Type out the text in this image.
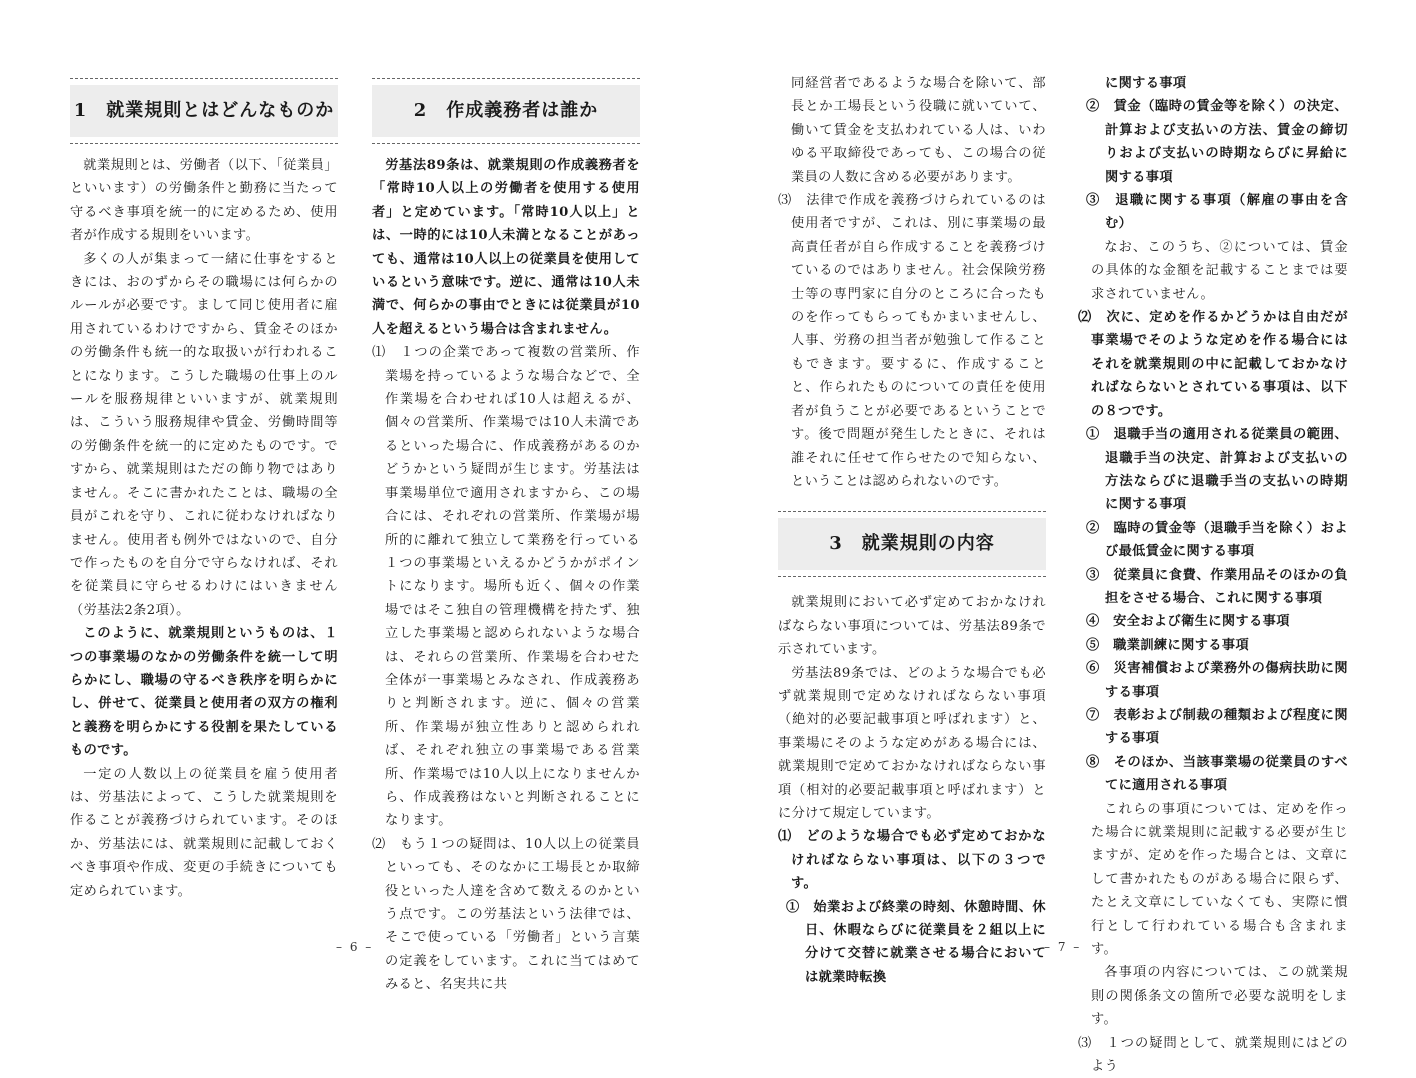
1　就業規則とはどんなものか

就業規則とは、労働者（以下、「従業員」といいます）の労働条件と勤務に当たって守るべき事項を統一的に定めるため、使用者が作成する規則をいいます。

多くの人が集まって一緒に仕事をするときには、おのずからその職場には何らかのルールが必要です。まして同じ使用者に雇用されているわけですから、賃金そのほかの労働条件も統一的な取扱いが行われることになります。こうした職場の仕事上のルールを服務規律といいますが、就業規則は、こういう服務規律や賃金、労働時間等の労働条件を統一的に定めたものです。ですから、就業規則はただの飾り物ではありません。そこに書かれたことは、職場の全員がこれを守り、これに従わなければなりません。使用者も例外ではないので、自分で作ったものを自分で守らなければ、それを従業員に守らせるわけにはいきません（労基法2条2項）。

このように、就業規則というものは、１つの事業場のなかの労働条件を統一して明らかにし、職場の守るべき秩序を明らかにし、併せて、従業員と使用者の双方の権利と義務を明らかにする役割を果たしているものです。

一定の人数以上の従業員を雇う使用者は、労基法によって、こうした就業規則を作ることが義務づけられています。そのほか、労基法には、就業規則に記載しておくべき事項や作成、変更の手続きについても定められています。

2　作成義務者は誰か

労基法89条は、就業規則の作成義務者を「常時10人以上の労働者を使用する使用者」と定めています。「常時10人以上」とは、一時的には10人未満となることがあっても、通常は10人以上の従業員を使用しているという意味です。逆に、通常は10人未満で、何らかの事由でときには従業員が10人を超えるという場合は含まれません。

⑴　１つの企業であって複数の営業所、作業場を持っているような場合などで、全作業場を合わせれば10人は超えるが、個々の営業所、作業場では10人未満であるといった場合に、作成義務があるのかどうかという疑問が生じます。労基法は事業場単位で適用されますから、この場合には、それぞれの営業所、作業場が場所的に離れて独立して業務を行っている１つの事業場といえるかどうかがポイントになります。場所も近く、個々の作業場ではそこ独自の管理機構を持たず、独立した事業場と認められないような場合は、それらの営業所、作業場を合わせた全体が一事業場とみなされ、作成義務ありと判断されます。逆に、個々の営業所、作業場が独立性ありと認められれば、それぞれ独立の事業場である営業所、作業場では10人以上になりませんから、作成義務はないと判断されることになります。

⑵　もう１つの疑問は、10人以上の従業員といっても、そのなかに工場長とか取締役といった人達を含めて数えるのかという点です。この労基法という法律では、そこで使っている「労働者」という言葉の定義をしています。これに当てはめてみると、名実共に共

同経営者であるような場合を除いて、部長とか工場長という役職に就いていて、働いて賃金を支払われている人は、いわゆる平取締役であっても、この場合の従業員の人数に含める必要があります。

⑶　法律で作成を義務づけられているのは使用者ですが、これは、別に事業場の最高責任者が自ら作成することを義務づけているのではありません。社会保険労務士等の専門家に自分のところに合ったものを作ってもらってもかまいませんし、人事、労務の担当者が勉強して作ることもできます。要するに、作成することと、作られたものについての責任を使用者が負うことが必要であるということです。後で問題が発生したときに、それは誰それに任せて作らせたので知らない、ということは認められないのです。

3　就業規則の内容

就業規則において必ず定めておかなければならない事項については、労基法89条で示されています。

労基法89条では、どのような場合でも必ず就業規則で定めなければならない事項（絶対的必要記載事項と呼ばれます）と、事業場にそのような定めがある場合には、就業規則で定めておかなければならない事項（相対的必要記載事項と呼ばれます）とに分けて規定しています。

⑴　どのような場合でも必ず定めておかなければならない事項は、以下の３つです。

①　始業および終業の時刻、休憩時間、休日、休暇ならびに従業員を２組以上に分けて交替に就業させる場合においては就業時転換

に関する事項

②　賃金（臨時の賃金等を除く）の決定、計算および支払いの方法、賃金の締切りおよび支払いの時期ならびに昇給に関する事項

③　退職に関する事項（解雇の事由を含む）

なお、このうち、②については、賃金の具体的な金額を記載することまでは要求されていません。

⑵　次に、定めを作るかどうかは自由だが事業場でそのような定めを作る場合にはそれを就業規則の中に記載しておかなければならないとされている事項は、以下の８つです。

①　退職手当の適用される従業員の範囲、退職手当の決定、計算および支払いの方法ならびに退職手当の支払いの時期に関する事項

②　臨時の賃金等（退職手当を除く）および最低賃金に関する事項

③　従業員に食費、作業用品そのほかの負担をさせる場合、これに関する事項

④　安全および衛生に関する事項

⑤　職業訓練に関する事項

⑥　災害補償および業務外の傷病扶助に関する事項

⑦　表彰および制裁の種類および程度に関する事項

⑧　そのほか、当該事業場の従業員のすべてに適用される事項

これらの事項については、定めを作った場合に就業規則に記載する必要が生じますが、定めを作った場合とは、文章にして書かれたものがある場合に限らず、たとえ文章にしていなくても、実際に慣行として行われている場合も含まれます。

各事項の内容については、この就業規則の関係条文の箇所で必要な説明をします。

⑶　１つの疑問として、就業規則にはどのよう

– 6 –	– 7 –
